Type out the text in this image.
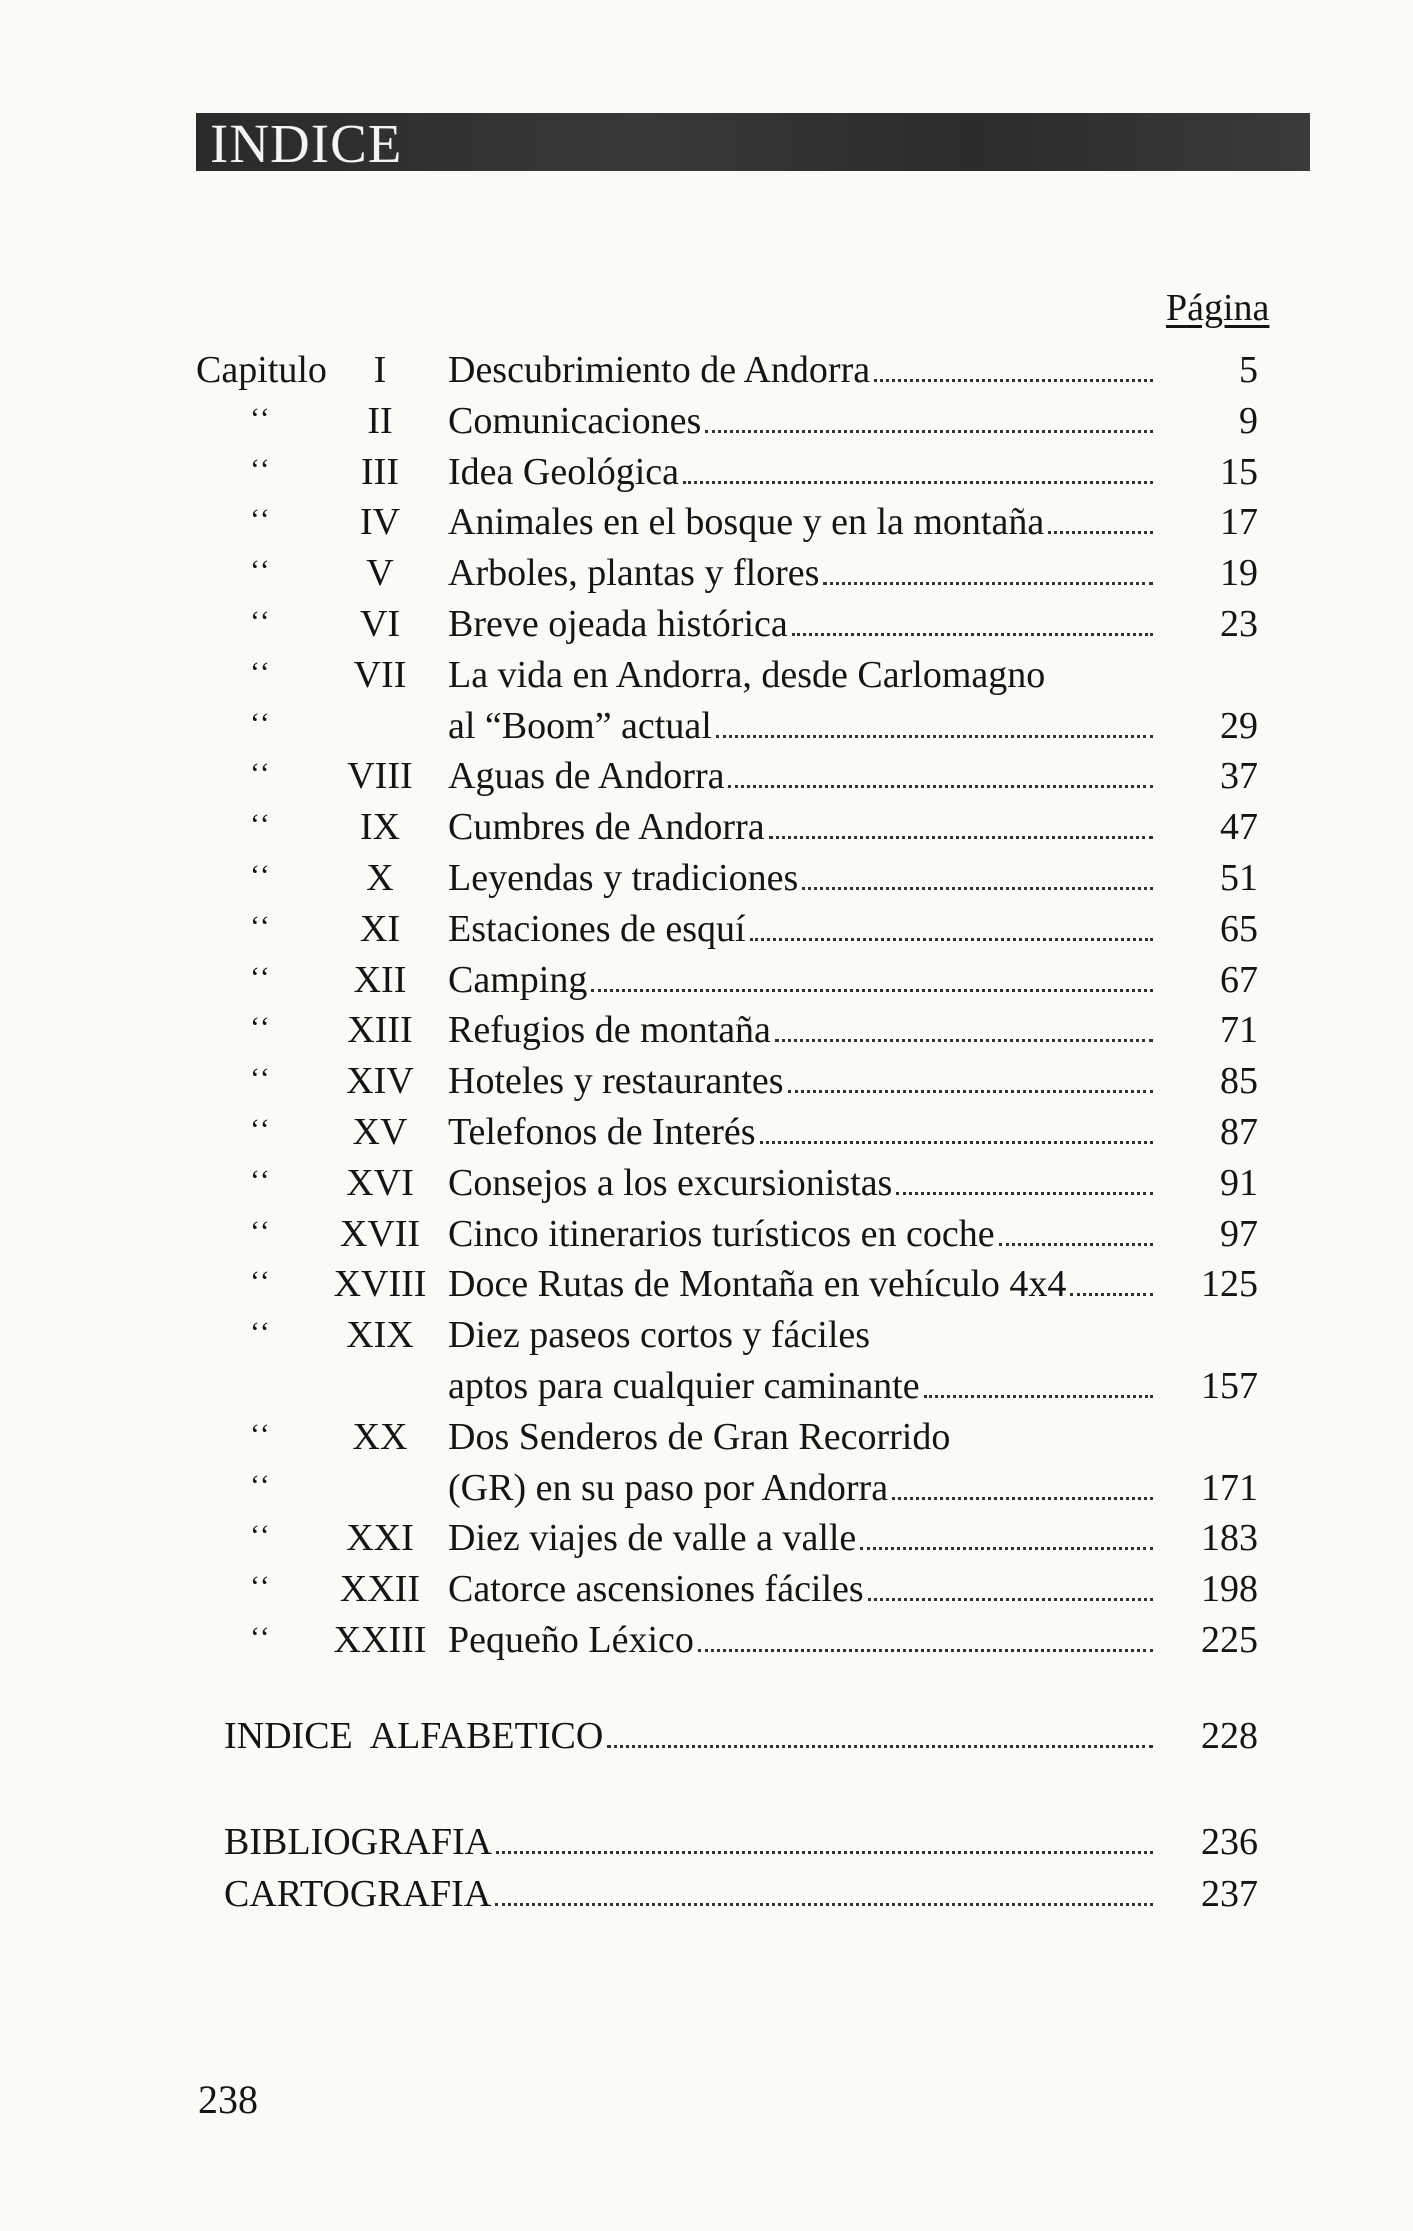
INDICE
Página
Capitulo	I	Descubrimiento de Andorra	5
‘‘	II	Comunicaciones	9
‘‘	III	Idea Geológica	15
‘‘	IV	Animales en el bosque y en la montaña	17
‘‘	V	Arboles, plantas y flores	19
‘‘	VI	Breve ojeada histórica	23
‘‘	VII	La vida en Andorra, desde Carlomagno
‘‘	al “Boom” actual	29
‘‘	VIII Aguas de Andorra	37
‘‘	IX	Cumbres de Andorra	47
‘‘	X	Leyendas y tradiciones	51
‘‘	XI	Estaciones de esquí	65
‘‘	XII	Camping	67
‘‘	XIII Refugios de montaña	71
‘‘	XIV Hoteles y restaurantes	85
‘‘	XV	Telefonos de Interés	87
‘‘	XVI Consejos a los excursionistas	91
‘‘	XVII Cinco itinerarios turísticos en coche	97
‘‘ XVIII Doce Rutas de Montaña en vehículo 4x4	125
‘‘	XIX Diez paseos cortos y fáciles
aptos para cualquier caminante	157
‘‘	XX	Dos Senderos de Gran Recorrido
‘‘	(GR) en su paso por Andorra	171
‘‘	XXI Diez viajes de valle a valle	183
‘‘	XXII Catorce ascensiones fáciles	198
‘‘ XXIII Pequeño Léxico	225
INDICE  ALFABETICO	228
BIBLIOGRAFIA	236
CARTOGRAFIA	237
238
